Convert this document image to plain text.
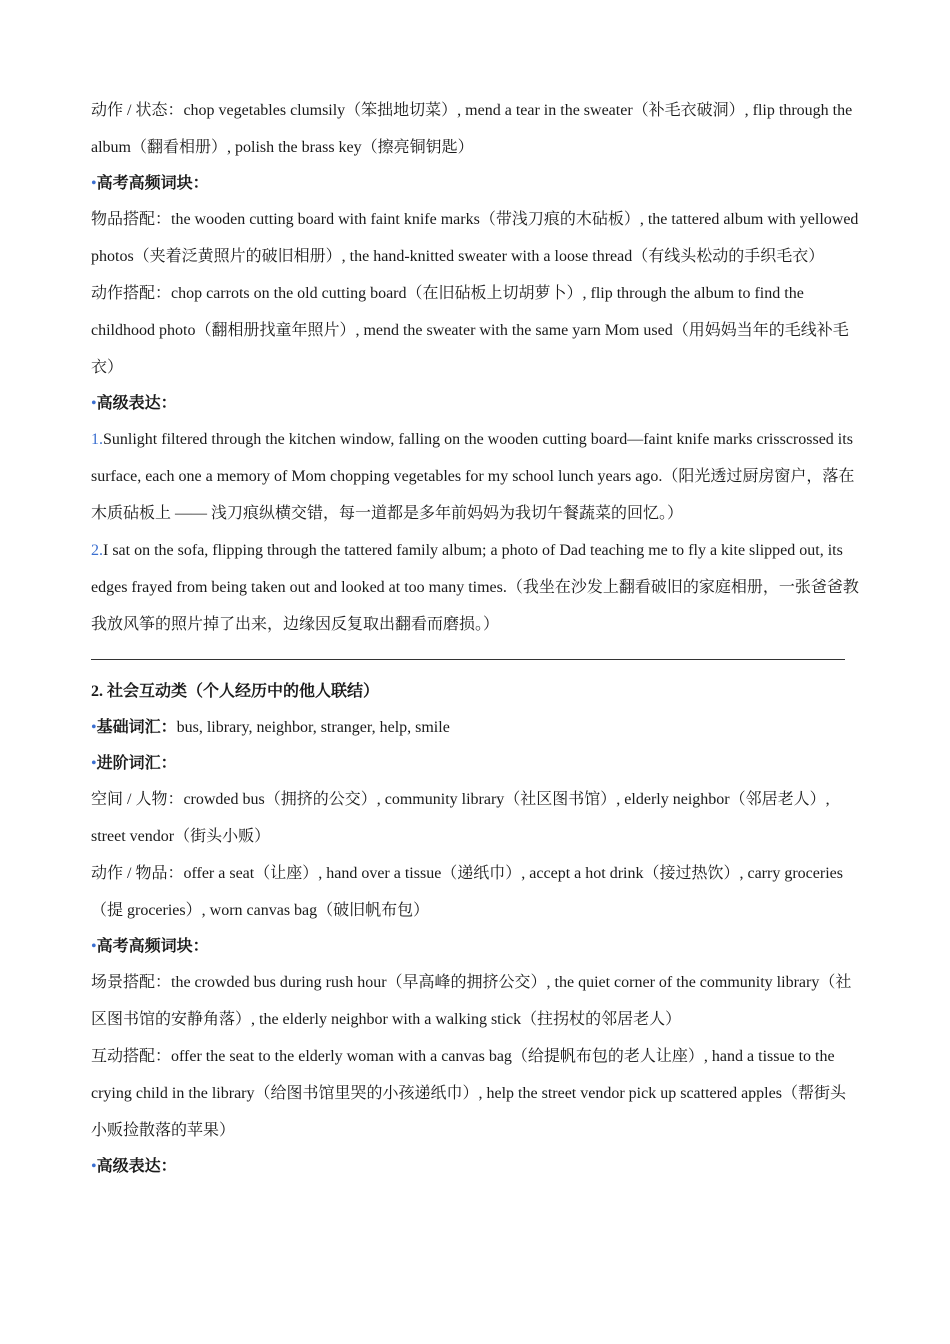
动作 / 状态：chop vegetables clumsily（笨拙地切菜）, mend a tear in the sweater（补毛衣破洞）, flip through the album（翻看相册）, polish the brass key（擦亮铜钥匙）

•高考高频词块：

物品搭配：the wooden cutting board with faint knife marks（带浅刀痕的木砧板）, the tattered album with yellowed photos（夹着泛黄照片的破旧相册）, the hand-knitted sweater with a loose thread（有线头松动的手织毛衣）

动作搭配：chop carrots on the old cutting board（在旧砧板上切胡萝卜）, flip through the album to find the childhood photo（翻相册找童年照片）, mend the sweater with the same yarn Mom used（用妈妈当年的毛线补毛衣）

•高级表达：

1.Sunlight filtered through the kitchen window, falling on the wooden cutting board—faint knife marks crisscrossed its surface, each one a memory of Mom chopping vegetables for my school lunch years ago.（阳光透过厨房窗户，落在木质砧板上 —— 浅刀痕纵横交错，每一道都是多年前妈妈为我切午餐蔬菜的回忆。）

2.I sat on the sofa, flipping through the tattered family album; a photo of Dad teaching me to fly a kite slipped out, its edges frayed from being taken out and looked at too many times.（我坐在沙发上翻看破旧的家庭相册，一张爸爸教我放风筝的照片掉了出来，边缘因反复取出翻看而磨损。）

2. 社会互动类（个人经历中的他人联结）

•基础词汇：bus, library, neighbor, stranger, help, smile

•进阶词汇：

空间 / 人物：crowded bus（拥挤的公交）, community library（社区图书馆）, elderly neighbor（邻居老人）, street vendor（街头小贩）

动作 / 物品：offer a seat（让座）, hand over a tissue（递纸巾）, accept a hot drink（接过热饮）, carry groceries（提 groceries）, worn canvas bag（破旧帆布包）

•高考高频词块：

场景搭配：the crowded bus during rush hour（早高峰的拥挤公交）, the quiet corner of the community library（社区图书馆的安静角落）, the elderly neighbor with a walking stick（拄拐杖的邻居老人）

互动搭配：offer the seat to the elderly woman with a canvas bag（给提帆布包的老人让座）, hand a tissue to the crying child in the library（给图书馆里哭的小孩递纸巾）, help the street vendor pick up scattered apples（帮街头小贩捡散落的苹果）

•高级表达：
